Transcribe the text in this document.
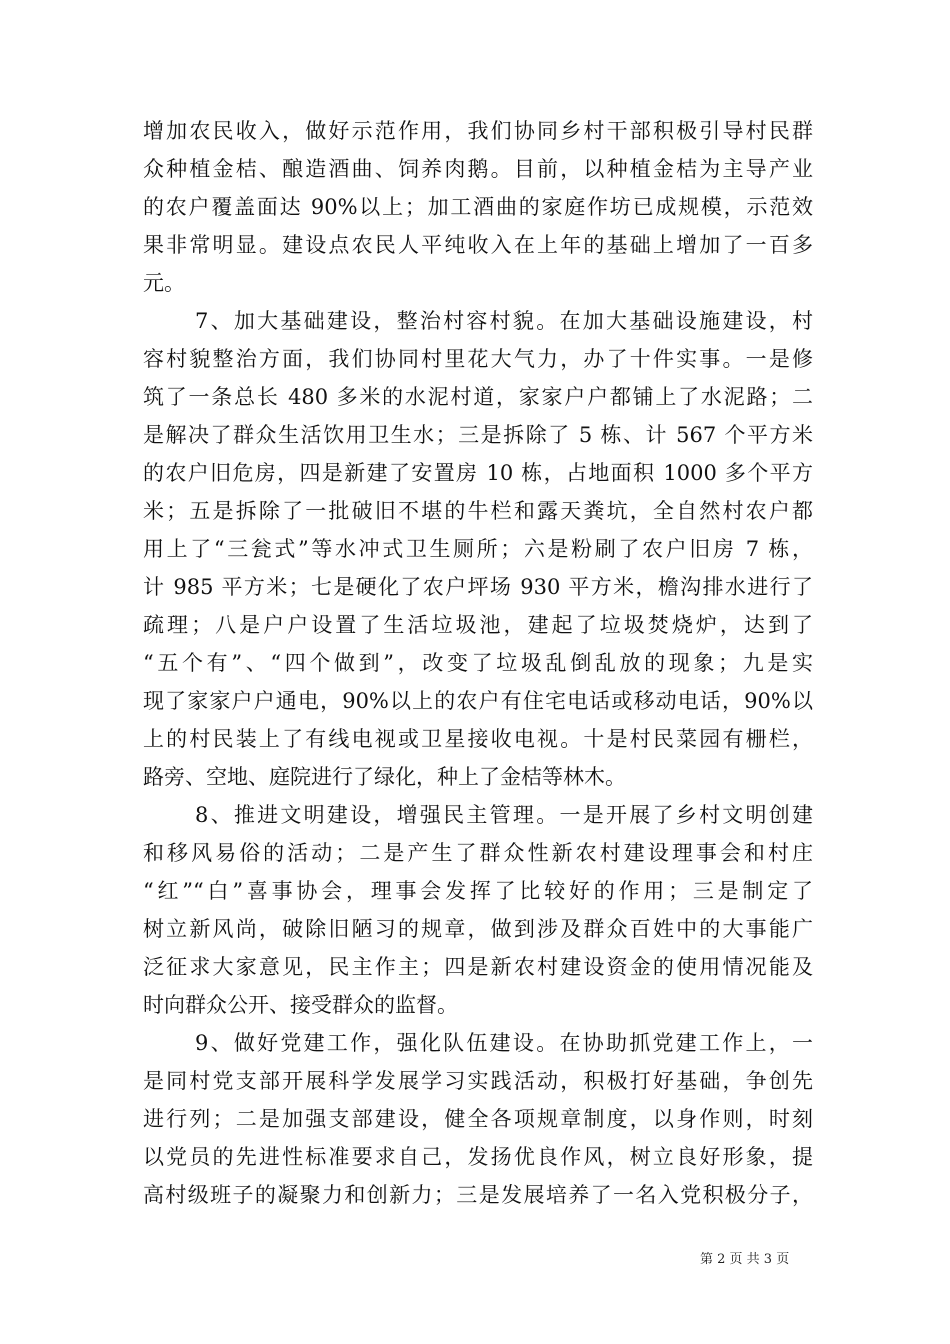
增加农民收入，做好示范作用，我们协同乡村干部积极引导村民群
众种植金桔、酿造酒曲、饲养肉鹅。目前，以种植金桔为主导产业
的农户覆盖面达 90%以上；加工酒曲的家庭作坊已成规模，示范效
果非常明显。建设点农民人平纯收入在上年的基础上增加了一百多
元。
7、加大基础建设，整治村容村貌。在加大基础设施建设，村
容村貌整治方面，我们协同村里花大气力，办了十件实事。一是修
筑了一条总长 480 多米的水泥村道，家家户户都铺上了水泥路；二
是解决了群众生活饮用卫生水；三是拆除了 5 栋、计 567 个平方米
的农户旧危房，四是新建了安置房 10 栋，占地面积 1000 多个平方
米；五是拆除了一批破旧不堪的牛栏和露天粪坑，全自然村农户都
用上了“三瓮式”等水冲式卫生厕所；六是粉刷了农户旧房 7 栋，
计 985 平方米；七是硬化了农户坪场 930 平方米，檐沟排水进行了
疏理；八是户户设置了生活垃圾池，建起了垃圾焚烧炉，达到了
“五个有”、“四个做到”，改变了垃圾乱倒乱放的现象；九是实
现了家家户户通电，90%以上的农户有住宅电话或移动电话，90%以
上的村民装上了有线电视或卫星接收电视。十是村民菜园有栅栏，
路旁、空地、庭院进行了绿化，种上了金桔等林木。
8、推进文明建设，增强民主管理。一是开展了乡村文明创建
和移风易俗的活动；二是产生了群众性新农村建设理事会和村庄
“红”“白”喜事协会，理事会发挥了比较好的作用；三是制定了
树立新风尚，破除旧陋习的规章，做到涉及群众百姓中的大事能广
泛征求大家意见，民主作主；四是新农村建设资金的使用情况能及
时向群众公开、接受群众的监督。
9、做好党建工作，强化队伍建设。在协助抓党建工作上，一
是同村党支部开展科学发展学习实践活动，积极打好基础，争创先
进行列；二是加强支部建设，健全各项规章制度，以身作则，时刻
以党员的先进性标准要求自己，发扬优良作风，树立良好形象，提
高村级班子的凝聚力和创新力；三是发展培养了一名入党积极分子，
第 2 页 共 3 页
